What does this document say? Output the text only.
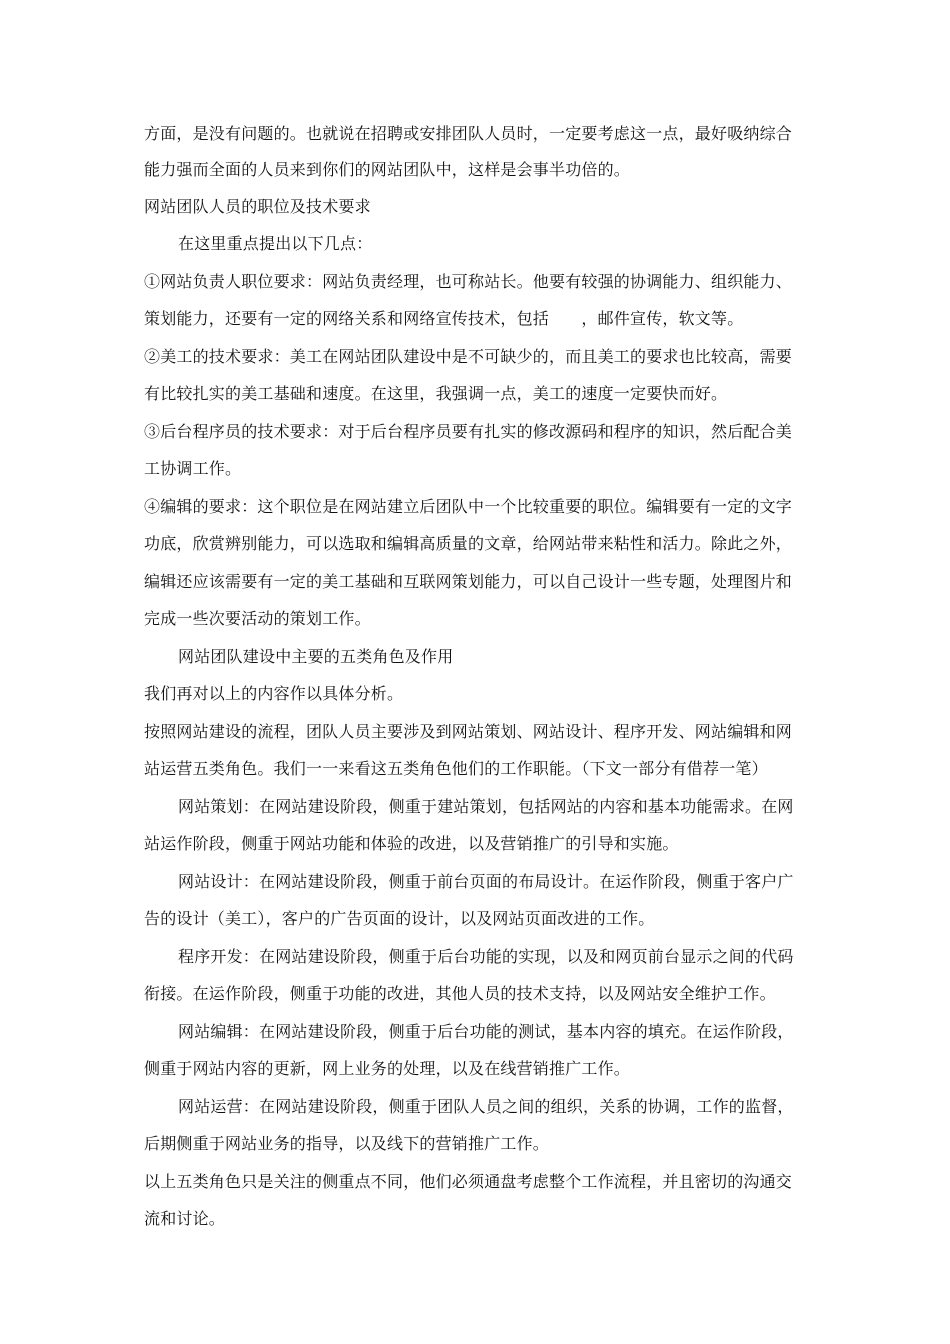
方面，是没有问题的。也就说在招聘或安排团队人员时，一定要考虑这一点，最好吸纳综合
能力强而全面的人员来到你们的网站团队中，这样是会事半功倍的。
网站团队人员的职位及技术要求
在这里重点提出以下几点：
①网站负责人职位要求：网站负责经理，也可称站长。他要有较强的协调能力、组织能力、
策划能力，还要有一定的网络关系和网络宣传技术，包括　　，邮件宣传，软文等。
②美工的技术要求：美工在网站团队建设中是不可缺少的，而且美工的要求也比较高，需要
有比较扎实的美工基础和速度。在这里，我强调一点，美工的速度一定要快而好。
③后台程序员的技术要求：对于后台程序员要有扎实的修改源码和程序的知识，然后配合美
工协调工作。
④编辑的要求：这个职位是在网站建立后团队中一个比较重要的职位。编辑要有一定的文字
功底，欣赏辨别能力，可以选取和编辑高质量的文章，给网站带来粘性和活力。除此之外，
编辑还应该需要有一定的美工基础和互联网策划能力，可以自己设计一些专题，处理图片和
完成一些次要活动的策划工作。
网站团队建设中主要的五类角色及作用
我们再对以上的内容作以具体分析。
按照网站建设的流程，团队人员主要涉及到网站策划、网站设计、程序开发、网站编辑和网
站运营五类角色。我们一一来看这五类角色他们的工作职能。（下文一部分有借荐一笔）
网站策划：在网站建设阶段，侧重于建站策划，包括网站的内容和基本功能需求。在网
站运作阶段，侧重于网站功能和体验的改进，以及营销推广的引导和实施。
网站设计：在网站建设阶段，侧重于前台页面的布局设计。在运作阶段，侧重于客户广
告的设计（美工），客户的广告页面的设计，以及网站页面改进的工作。
程序开发：在网站建设阶段，侧重于后台功能的实现，以及和网页前台显示之间的代码
衔接。在运作阶段，侧重于功能的改进，其他人员的技术支持，以及网站安全维护工作。
网站编辑：在网站建设阶段，侧重于后台功能的测试，基本内容的填充。在运作阶段，
侧重于网站内容的更新，网上业务的处理，以及在线营销推广工作。
网站运营：在网站建设阶段，侧重于团队人员之间的组织，关系的协调，工作的监督，
后期侧重于网站业务的指导，以及线下的营销推广工作。
以上五类角色只是关注的侧重点不同，他们必须通盘考虑整个工作流程，并且密切的沟通交
流和讨论。
